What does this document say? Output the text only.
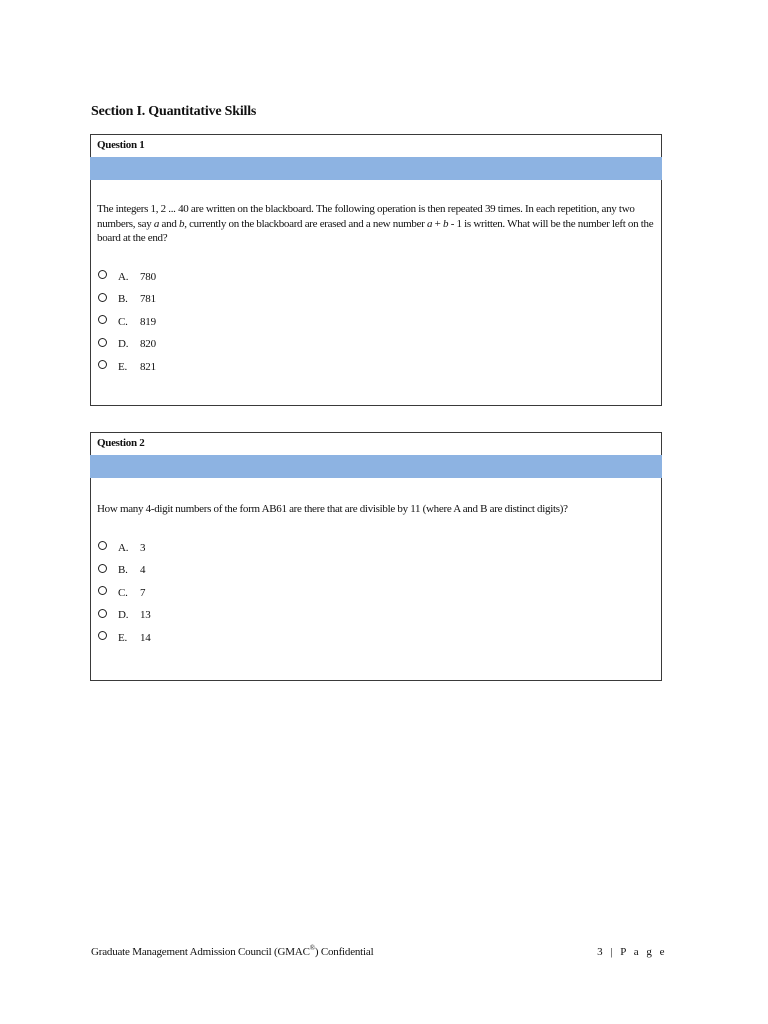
Section I. Quantitative Skills
Question 1
The integers 1, 2 ... 40 are written on the blackboard. The following operation is then repeated 39 times. In each repetition, any two numbers, say a and b, currently on the blackboard are erased and a new number a + b - 1 is written. What will be the number left on the board at the end?
A.	780
B.	781
C.	819
D.	820
E.	821
Question 2
How many 4-digit numbers of the form AB61 are there that are divisible by 11 (where A and B are distinct digits)?
A.	3
B.	4
C.	7
D.	13
E.	14
Graduate Management Admission Council (GMAC®) Confidential	3 | P a g e
